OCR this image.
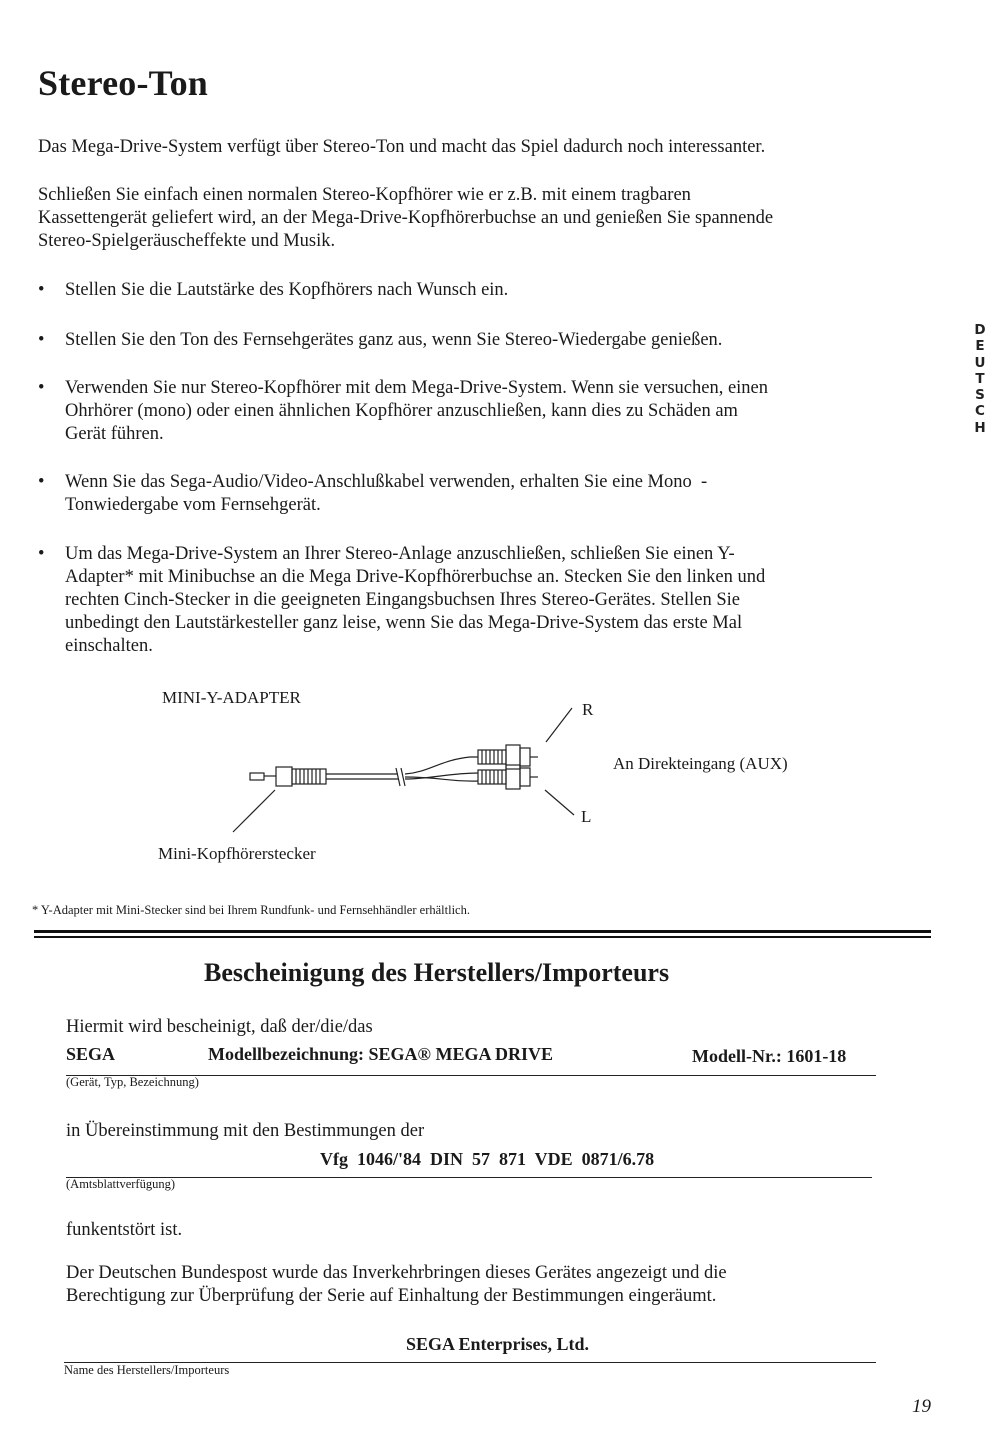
Stereo-Ton

Das Mega-Drive-System verfügt über Stereo-Ton und macht das Spiel dadurch noch interessanter.

Schließen Sie einfach einen normalen Stereo-Kopfhörer wie er z.B. mit einem tragbaren
Kassettengerät geliefert wird, an der Mega-Drive-Kopfhörerbuchse an und genießen Sie spannende
Stereo-Spielgeräuscheffekte und Musik.
• Stellen Sie die Lautstärke des Kopfhörers nach Wunsch ein.
• Stellen Sie den Ton des Fernsehgerätes ganz aus, wenn Sie Stereo-Wiedergabe genießen.
• Verwenden Sie nur Stereo-Kopfhörer mit dem Mega-Drive-System. Wenn sie versuchen, einen
Ohrhörer (mono) oder einen ähnlichen Kopfhörer anzuschließen, kann dies zu Schäden am
Gerät führen.
• Wenn Sie das Sega-Audio/Video-Anschlußkabel verwenden, erhalten Sie eine Mono  -
Tonwiedergabe vom Fernsehgerät.
• Um das Mega-Drive-System an Ihrer Stereo-Anlage anzuschließen, schließen Sie einen Y-
Adapter* mit Minibuchse an die Mega Drive-Kopfhörerbuchse an. Stecken Sie den linken und
rechten Cinch-Stecker in die geeigneten Eingangsbuchsen Ihres Stereo-Gerätes. Stellen Sie
unbedingt den Lautstärkesteller ganz leise, wenn Sie das Mega-Drive-System das erste Mal
einschalten.
D
E
U
T
S
C
H
MINI-Y-ADAPTER
R
L
An Direkteingang (AUX)
Mini-Kopfhörerstecker
* Y-Adapter mit Mini-Stecker sind bei Ihrem Rundfunk- und Fernsehhändler erhältlich.
Bescheinigung des Herstellers/Importeurs
Hiermit wird bescheinigt, daß der/die/das
SEGA	Modellbezeichnung: SEGA® MEGA DRIVE	Modell-Nr.: 1601-18
(Gerät, Typ, Bezeichnung)
in Übereinstimmung mit den Bestimmungen der
Vfg  1046/'84  DIN  57  871  VDE  0871/6.78
(Amtsblattverfügung)
funkentstört ist.
Der Deutschen Bundespost wurde das Inverkehrbringen dieses Gerätes angezeigt und die
Berechtigung zur Überprüfung der Serie auf Einhaltung der Bestimmungen eingeräumt.
SEGA Enterprises, Ltd.
Name des Herstellers/Importeurs
19
